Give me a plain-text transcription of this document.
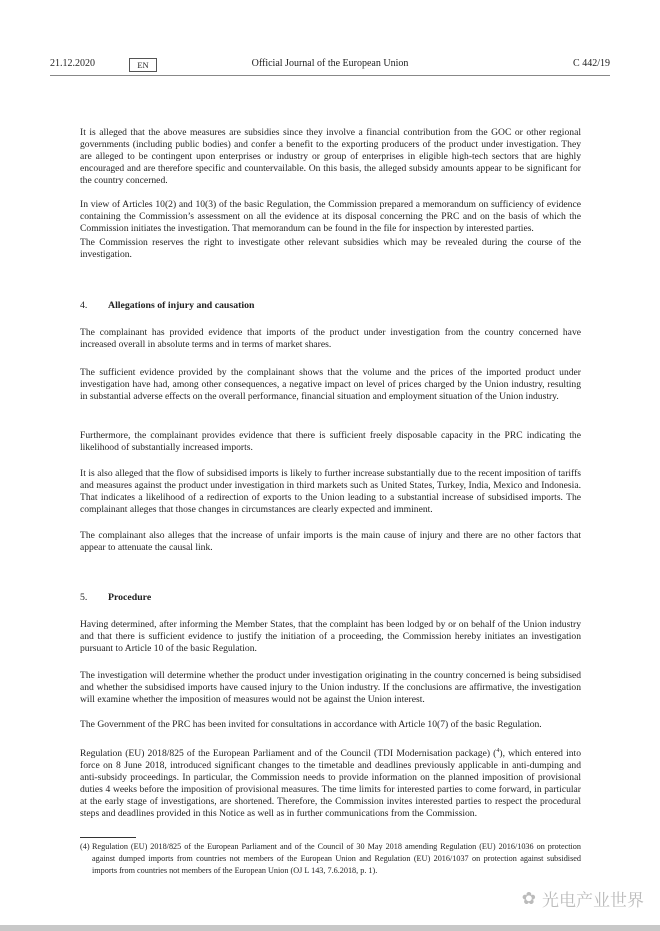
21.12.2020	EN	Official Journal of the European Union	C 442/19
It is alleged that the above measures are subsidies since they involve a financial contribution from the GOC or other regional governments (including public bodies) and confer a benefit to the exporting producers of the product under investigation. They are alleged to be contingent upon enterprises or industry or group of enterprises in eligible high-tech sectors that are highly encouraged and are therefore specific and countervailable. On this basis, the alleged subsidy amounts appear to be significant for the country concerned.
In view of Articles 10(2) and 10(3) of the basic Regulation, the Commission prepared a memorandum on sufficiency of evidence containing the Commission’s assessment on all the evidence at its disposal concerning the PRC and on the basis of which the Commission initiates the investigation. That memorandum can be found in the file for inspection by interested parties.
The Commission reserves the right to investigate other relevant subsidies which may be revealed during the course of the investigation.
4. Allegations of injury and causation
The complainant has provided evidence that imports of the product under investigation from the country concerned have increased overall in absolute terms and in terms of market shares.
The sufficient evidence provided by the complainant shows that the volume and the prices of the imported product under investigation have had, among other consequences, a negative impact on level of prices charged by the Union industry, resulting in substantial adverse effects on the overall performance, financial situation and employment situation of the Union industry.
Furthermore, the complainant provides evidence that there is sufficient freely disposable capacity in the PRC indicating the likelihood of substantially increased imports.
It is also alleged that the flow of subsidised imports is likely to further increase substantially due to the recent imposition of tariffs and measures against the product under investigation in third markets such as United States, Turkey, India, Mexico and Indonesia. That indicates a likelihood of a redirection of exports to the Union leading to a substantial increase of subsidised imports. The complainant alleges that those changes in circumstances are clearly expected and imminent.
The complainant also alleges that the increase of unfair imports is the main cause of injury and there are no other factors that appear to attenuate the causal link.
5. Procedure
Having determined, after informing the Member States, that the complaint has been lodged by or on behalf of the Union industry and that there is sufficient evidence to justify the initiation of a proceeding, the Commission hereby initiates an investigation pursuant to Article 10 of the basic Regulation.
The investigation will determine whether the product under investigation originating in the country concerned is being subsidised and whether the subsidised imports have caused injury to the Union industry. If the conclusions are affirmative, the investigation will examine whether the imposition of measures would not be against the Union interest.
The Government of the PRC has been invited for consultations in accordance with Article 10(7) of the basic Regulation.
Regulation (EU) 2018/825 of the European Parliament and of the Council (TDI Modernisation package) ($^4$), which entered into force on 8 June 2018, introduced significant changes to the timetable and deadlines previously applicable in anti-dumping and anti-subsidy proceedings. In particular, the Commission needs to provide information on the planned imposition of provisional duties 4 weeks before the imposition of provisional measures. The time limits for interested parties to come forward, in particular at the early stage of investigations, are shortened. Therefore, the Commission invites interested parties to respect the procedural steps and deadlines provided in this Notice as well as in further communications from the Commission.
(4) Regulation (EU) 2018/825 of the European Parliament and of the Council of 30 May 2018 amending Regulation (EU) 2016/1036 on protection against dumped imports from countries not members of the European Union and Regulation (EU) 2016/1037 on protection against subsidised imports from countries not members of the European Union (OJ L 143, 7.6.2018, p. 1).
✿ 光电产业世界
